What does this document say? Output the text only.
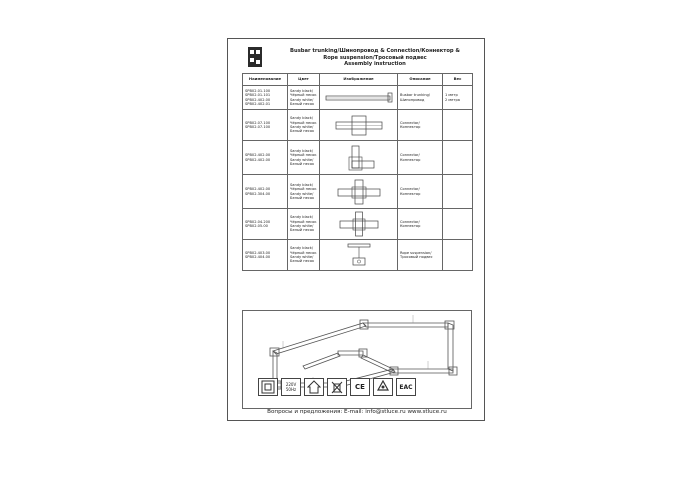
Busbar trunking/Шинопровод & Connection/Коннектор &
Rope suspension/Тросовый подвес
Assembly instruction
Наименование	Цвет	Изображение	Описание	Вес

SPB02.01.100
SPB02.01.101
SPB02.402.00
SPB02.402.01	Sandy black/
Чёрный песок
Sandy white/
Белый песок		Busbar trunking/
Шинопровод	1 метр
2 метра

SPB02.07.100
SPB02.07.100	Sandy black/
Чёрный песок
Sandy white/
Белый песок		Connector/
Коннектор	

SPB02.402.00
SPB02.402.00	Sandy black/
Чёрный песок
Sandy white/
Белый песок		Connector/
Коннектор	

SPB02.402.00
SPB02.304.00	Sandy black/
Чёрный песок
Sandy white/
Белый песок		Connector/
Коннектор	

SPB02.04.200
SPB02.05.00	Sandy black/
Чёрный песок
Sandy white/
Белый песок		Connector/
Коннектор	

SPB02.403.00
SPB02.404.00	Sandy black/
Чёрный песок
Sandy white/
Белый песок		Rope suspension/
Тросовый подвес	

220V
50Hz	CE	EAC
Вопросы и предложения: E-mail: info@stluce.ru www.stluce.ru
